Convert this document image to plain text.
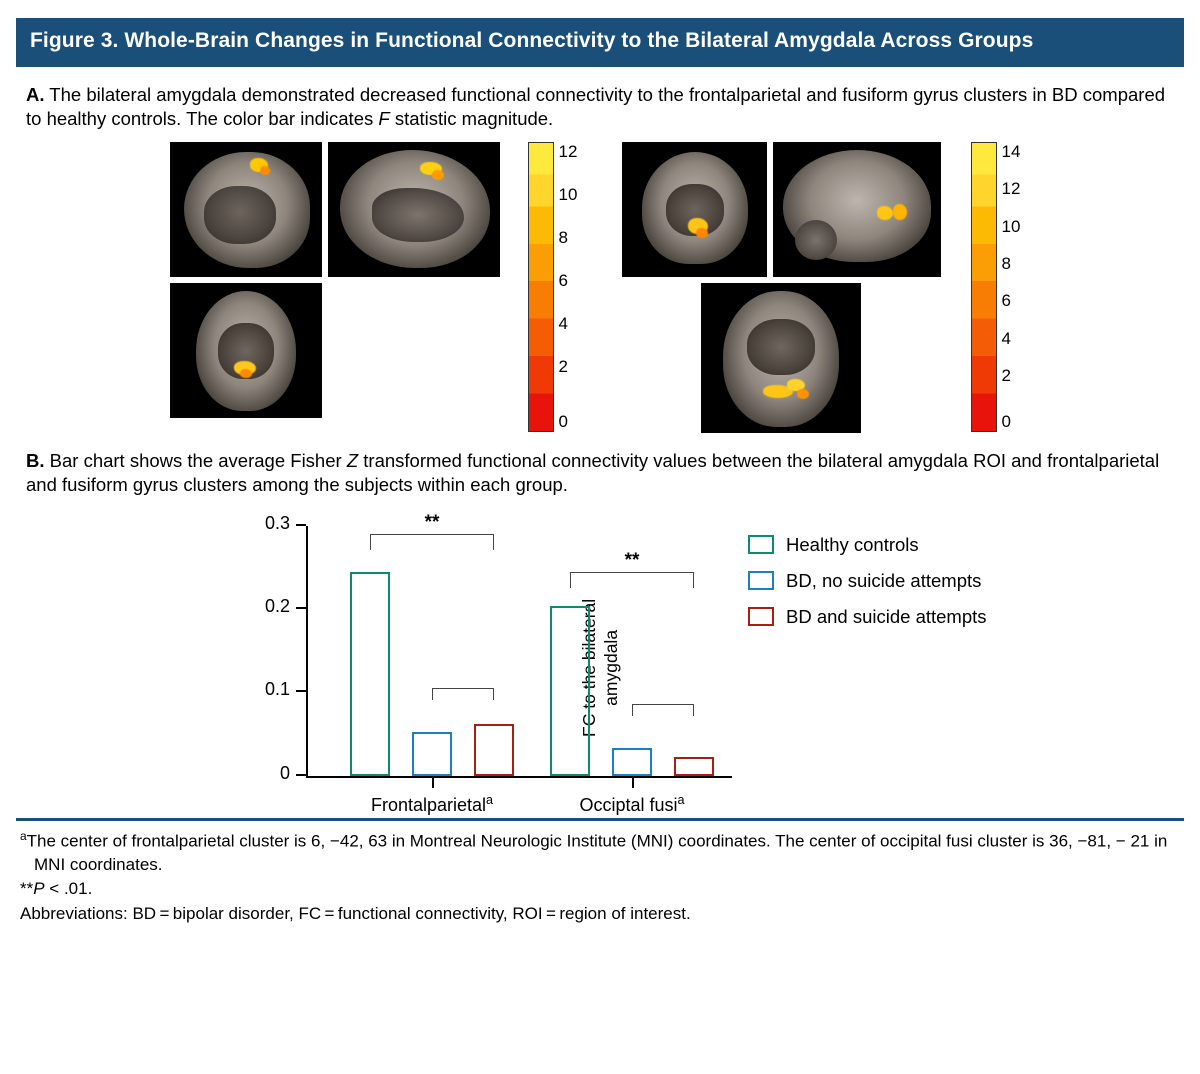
Figure 3. Whole-Brain Changes in Functional Connectivity to the Bilateral Amygdala Across Groups
A. The bilateral amygdala demonstrated decreased functional connectivity to the frontalparietal and fusiform gyrus clusters in BD compared to healthy controls. The color bar indicates F statistic magnitude.
12
10
8
6
4
2
0
14
12
10
8
6
4
2
0
B. Bar chart shows the average Fisher Z transformed functional connectivity values between the bilateral amygdala ROI and frontalparietal and fusiform gyrus clusters among the subjects within each group.
0
0.1
0.2
0.3
FC to the bilateral amygdala
**
**
Frontalparietal$^a$	Occiptal fusi$^a$
Healthy controls
BD, no suicide attempts
BD and suicide attempts
$^a$The center of frontalparietal cluster is 6, −42, 63 in Montreal Neurologic Institute (MNI) coordinates. The center of occipital fusi cluster is 36, −81, − 21 in MNI coordinates.
**P < .01.
Abbreviations: BD = bipolar disorder, FC = functional connectivity, ROI = region of interest.
